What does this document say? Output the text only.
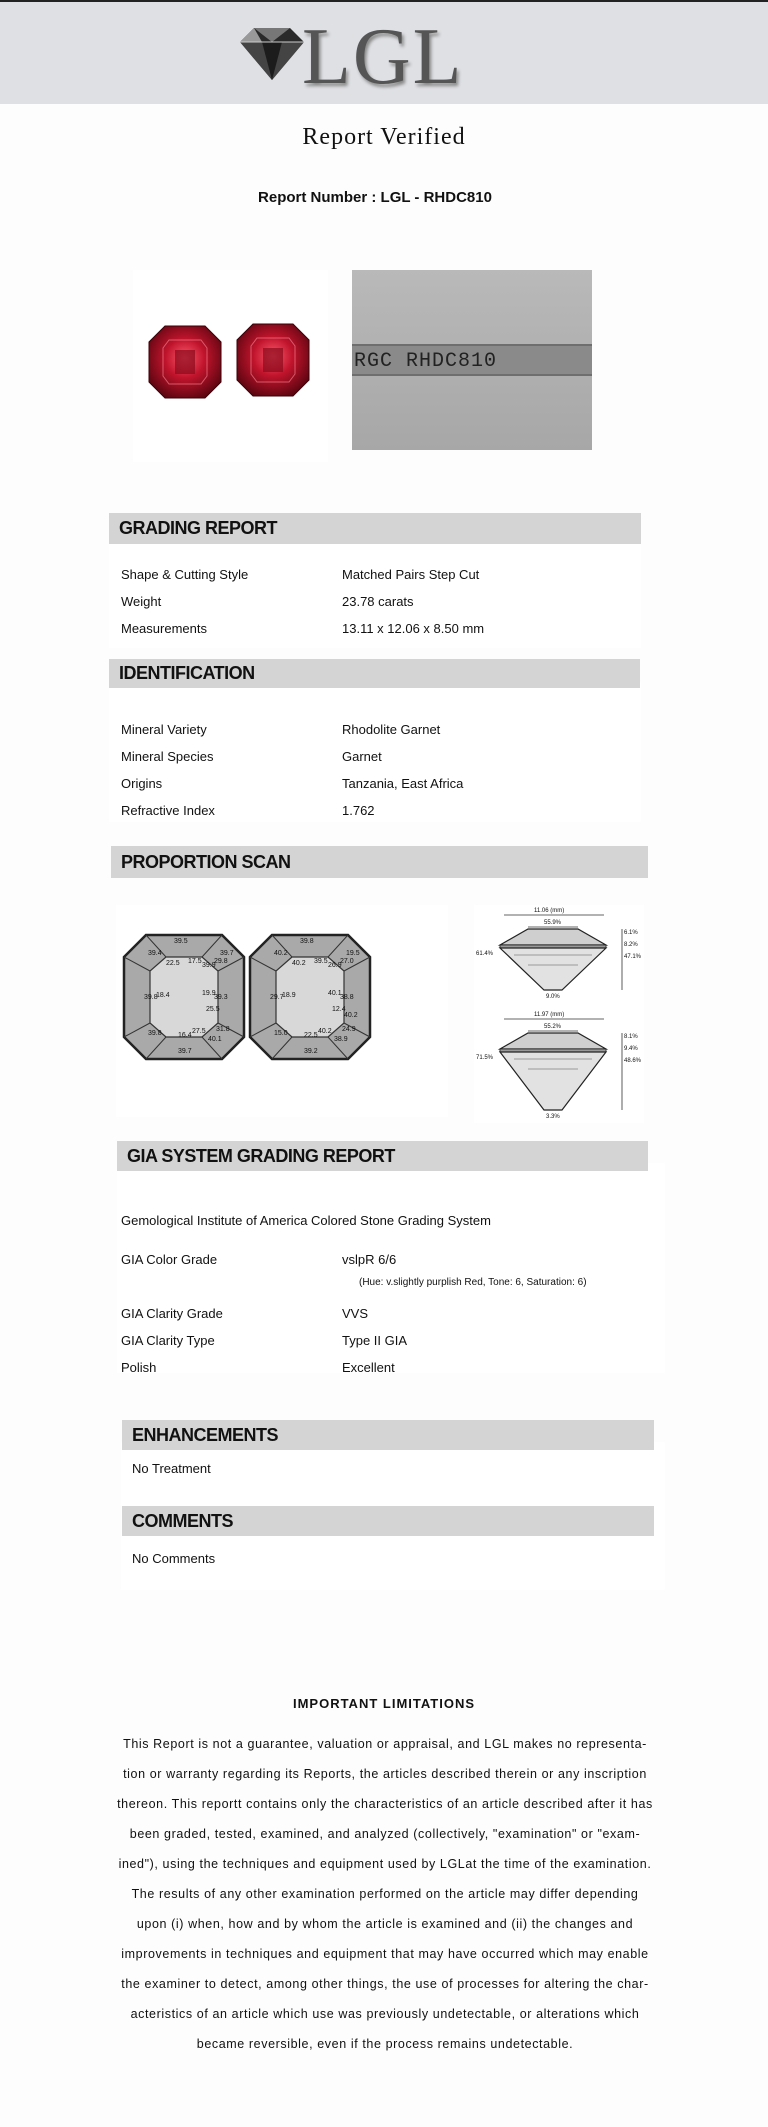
LGL
Report Verified
Report Number : LGL - RHDC810
RGC RHDC810
GRADING REPORT
Shape & Cutting Style	Matched Pairs Step Cut
Weight	23.78 carats
Measurements	13.11 x 12.06 x 8.50 mm
IDENTIFICATION
Mineral Variety	Rhodolite Garnet
Mineral Species	Garnet
Origins	Tanzania, East Africa
Refractive Index	1.762
PROPORTION SCAN
39.5
39.4
22.5 17.5
39.9
39.7
29.8
39.8
18.4	19.9
39.3
25.5
27.5 31.8
39.8 16.4
40.1
39.7
39.8
40.2
40.2 39.5
26.9
19.5
27.0
29.7
18.9	40.1
38.8
12.4
40.2 24.9
15.0 22.5
38.9
39.2
40.2
11.06 (mm)
55.9%
6.1%
8.2%
47.1%
61.4%
9.0%
11.97 (mm)
55.2%
8.1%
9.4%
48.6%
71.5%
3.3%
GIA SYSTEM GRADING REPORT
Gemological Institute of America Colored Stone Grading System
GIA Color Grade	vslpR 6/6
(Hue: v.slightly purplish Red, Tone: 6, Saturation: 6)
GIA Clarity Grade	VVS
GIA Clarity Type	Type II GIA
Polish	Excellent
ENHANCEMENTS
No Treatment
COMMENTS
No Comments
IMPORTANT LIMITATIONS
This Report is not a guarantee, valuation or appraisal, and LGL makes no representa-
tion or warranty regarding its Reports, the articles described therein or any inscription
thereon. This reportt contains only the characteristics of an article described after it has
been graded, tested, examined, and analyzed (collectively, "examination" or "exam-
ined"), using the techniques and equipment used by LGLat the time of the examination.
The results of any other examination performed on the article may differ depending
upon (i) when, how and by whom the article is examined and (ii) the changes and
improvements in techniques and equipment that may have occurred which may enable
the examiner to detect, among other things, the use of processes for altering the char-
acteristics of an article which use was previously undetectable, or alterations which
became reversible, even if the process remains undetectable.
